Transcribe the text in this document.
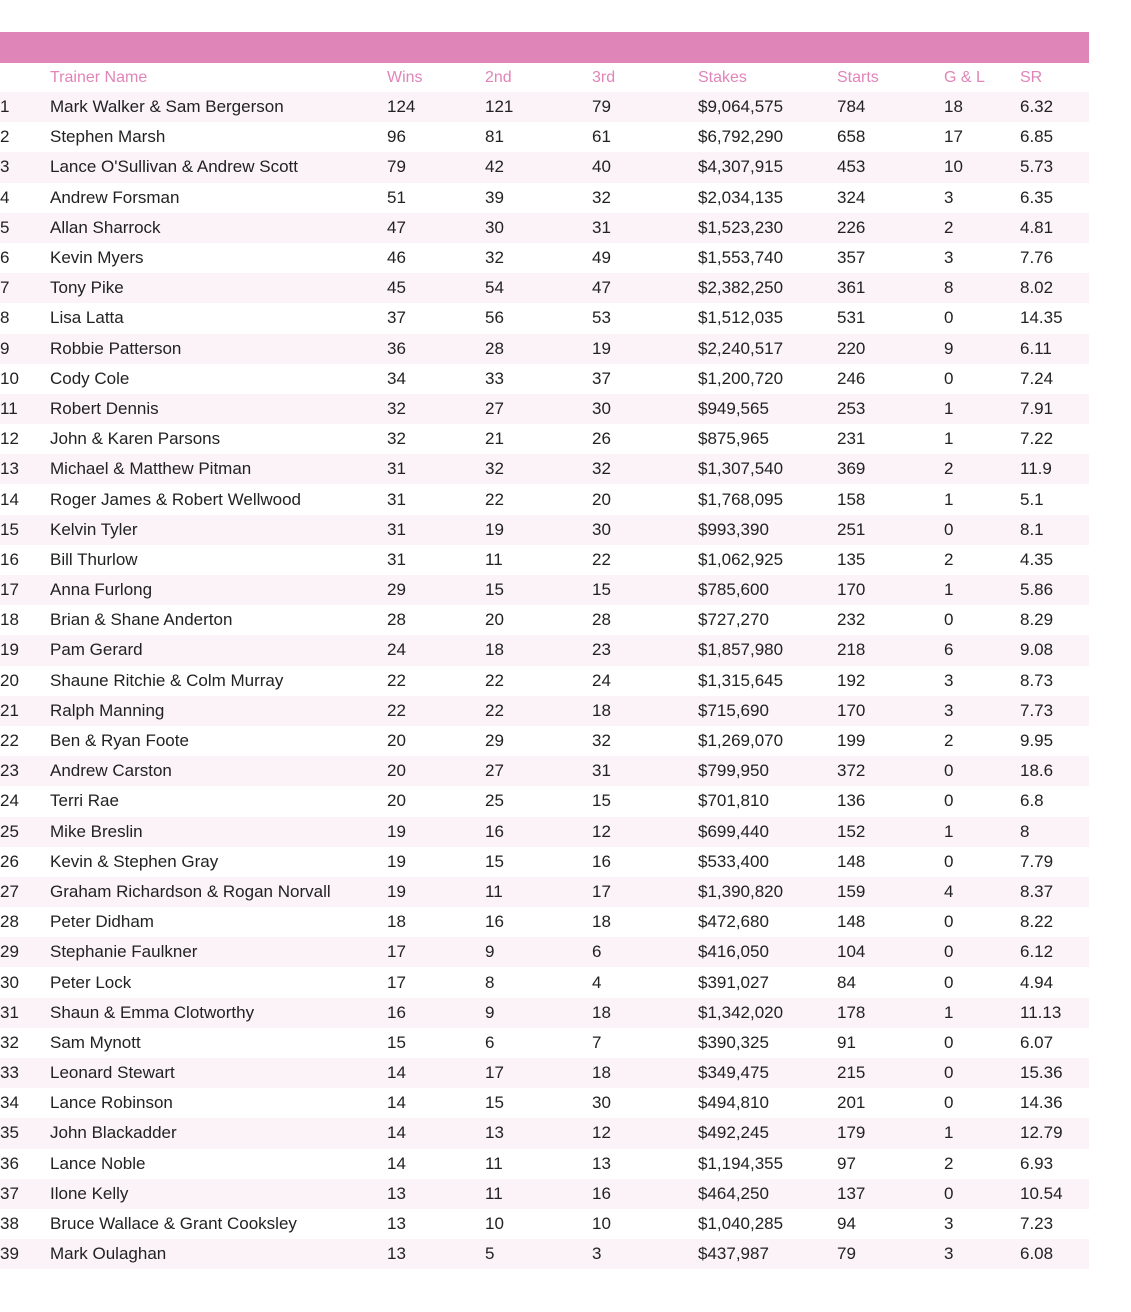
	Trainer Name	Wins	2nd	3rd	Stakes	Starts	G & L	SR
1	Mark Walker & Sam Bergerson	124	121	79	$9,064,575	784	18	6.32
2	Stephen Marsh	96	81	61	$6,792,290	658	17	6.85
3	Lance O'Sullivan & Andrew Scott	79	42	40	$4,307,915	453	10	5.73
4	Andrew Forsman	51	39	32	$2,034,135	324	3	6.35
5	Allan Sharrock	47	30	31	$1,523,230	226	2	4.81
6	Kevin Myers	46	32	49	$1,553,740	357	3	7.76
7	Tony Pike	45	54	47	$2,382,250	361	8	8.02
8	Lisa Latta	37	56	53	$1,512,035	531	0	14.35
9	Robbie Patterson	36	28	19	$2,240,517	220	9	6.11
10	Cody Cole	34	33	37	$1,200,720	246	0	7.24
11	Robert Dennis	32	27	30	$949,565	253	1	7.91
12	John & Karen Parsons	32	21	26	$875,965	231	1	7.22
13	Michael & Matthew Pitman	31	32	32	$1,307,540	369	2	11.9
14	Roger James & Robert Wellwood	31	22	20	$1,768,095	158	1	5.1
15	Kelvin Tyler	31	19	30	$993,390	251	0	8.1
16	Bill Thurlow	31	11	22	$1,062,925	135	2	4.35
17	Anna Furlong	29	15	15	$785,600	170	1	5.86
18	Brian & Shane Anderton	28	20	28	$727,270	232	0	8.29
19	Pam Gerard	24	18	23	$1,857,980	218	6	9.08
20	Shaune Ritchie & Colm Murray	22	22	24	$1,315,645	192	3	8.73
21	Ralph Manning	22	22	18	$715,690	170	3	7.73
22	Ben & Ryan Foote	20	29	32	$1,269,070	199	2	9.95
23	Andrew Carston	20	27	31	$799,950	372	0	18.6
24	Terri Rae	20	25	15	$701,810	136	0	6.8
25	Mike Breslin	19	16	12	$699,440	152	1	8
26	Kevin & Stephen Gray	19	15	16	$533,400	148	0	7.79
27	Graham Richardson & Rogan Norvall	19	11	17	$1,390,820	159	4	8.37
28	Peter Didham	18	16	18	$472,680	148	0	8.22
29	Stephanie Faulkner	17	9	6	$416,050	104	0	6.12
30	Peter Lock	17	8	4	$391,027	84	0	4.94
31	Shaun & Emma Clotworthy	16	9	18	$1,342,020	178	1	11.13
32	Sam Mynott	15	6	7	$390,325	91	0	6.07
33	Leonard Stewart	14	17	18	$349,475	215	0	15.36
34	Lance Robinson	14	15	30	$494,810	201	0	14.36
35	John Blackadder	14	13	12	$492,245	179	1	12.79
36	Lance Noble	14	11	13	$1,194,355	97	2	6.93
37	Ilone Kelly	13	11	16	$464,250	137	0	10.54
38	Bruce Wallace & Grant Cooksley	13	10	10	$1,040,285	94	3	7.23
39	Mark Oulaghan	13	5	3	$437,987	79	3	6.08
